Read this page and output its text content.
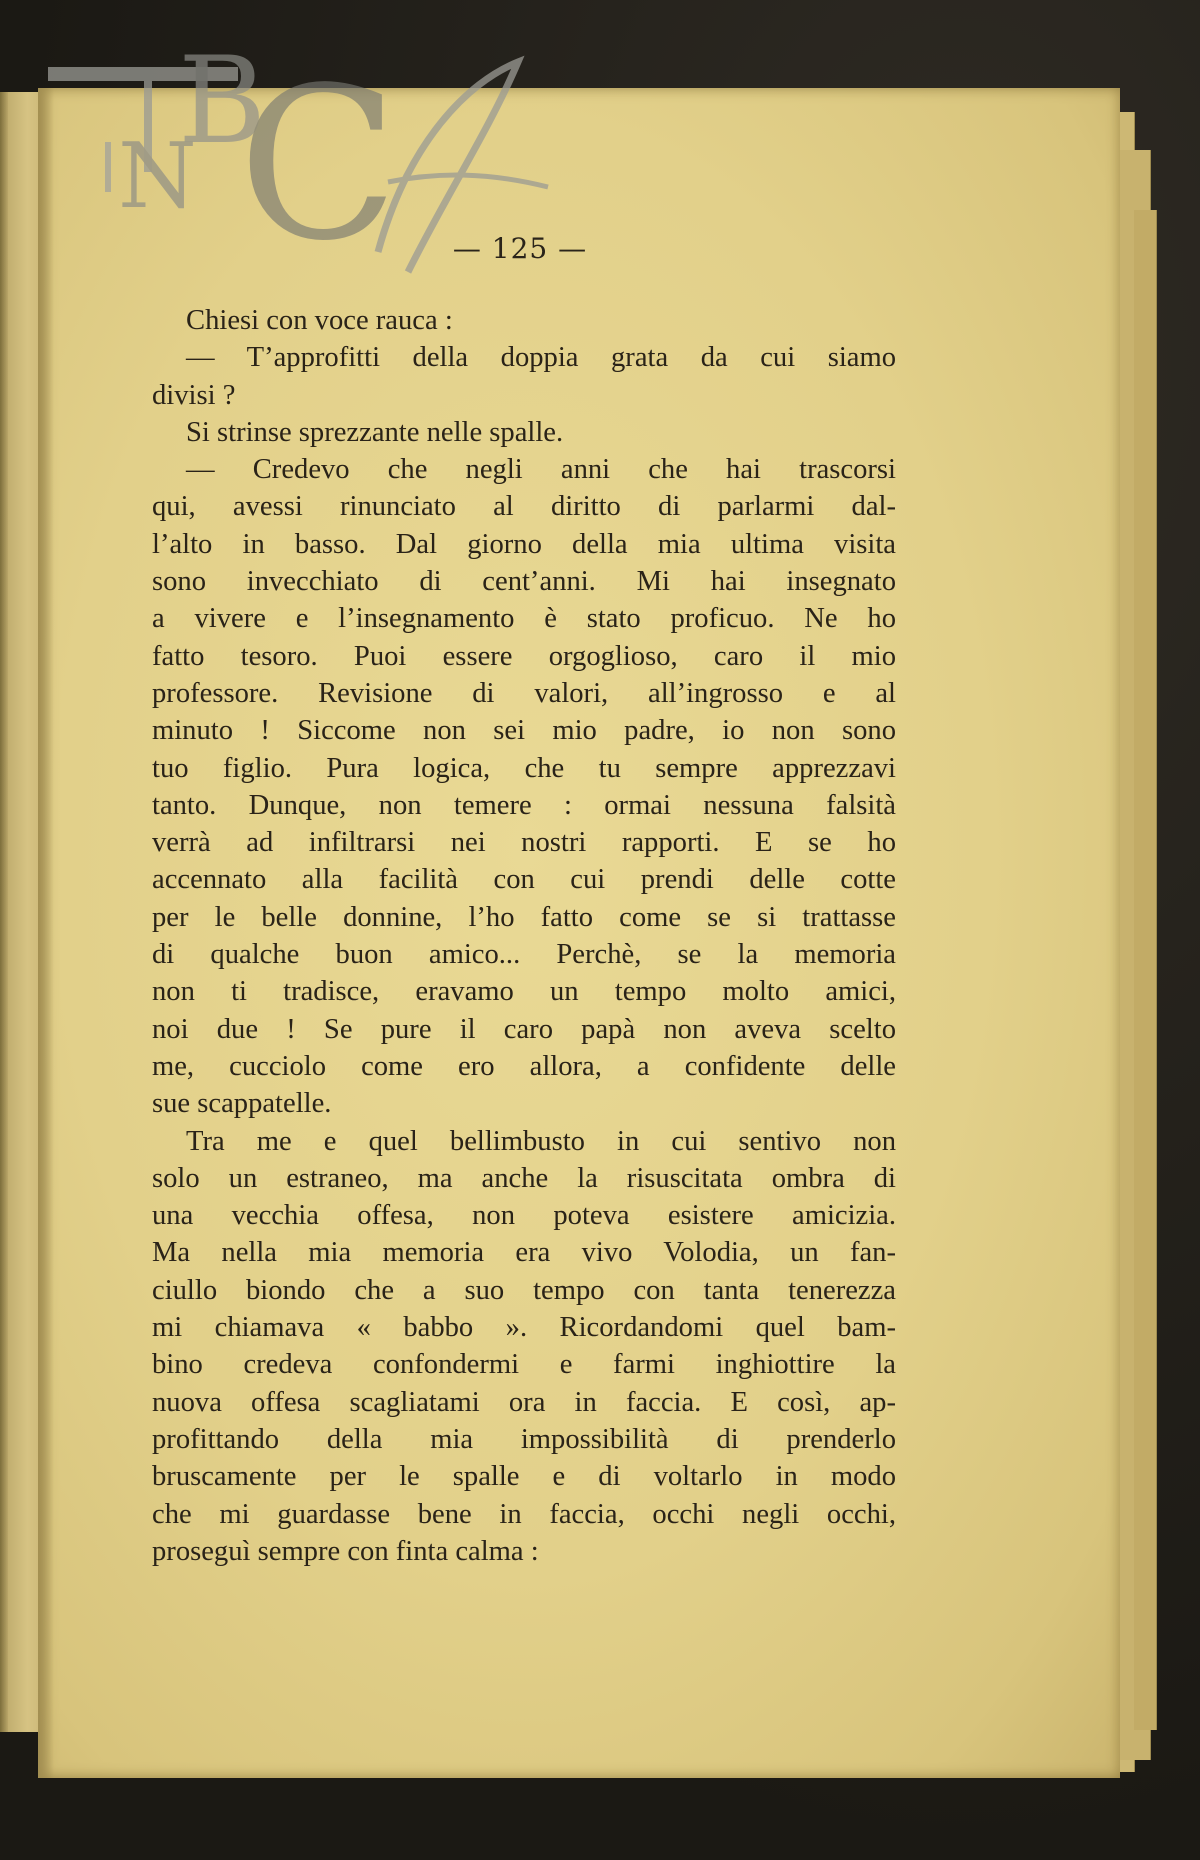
B
N C	— 125 —
Chiesi con voce rauca :
— T’approfitti della doppia grata da cui siamo
divisi ?
Si strinse sprezzante nelle spalle.
— Credevo che negli anni che hai trascorsi
qui, avessi rinunciato al diritto di parlarmi dal-
l’alto in basso. Dal giorno della mia ultima visita
sono invecchiato di cent’anni. Mi hai insegnato
a vivere e l’insegnamento è stato proficuo. Ne ho
fatto tesoro. Puoi essere orgoglioso, caro il mio
professore. Revisione di valori, all’ingrosso e al
minuto ! Siccome non sei mio padre, io non sono
tuo figlio. Pura logica, che tu sempre apprezzavi
tanto. Dunque, non temere : ormai nessuna falsità
verrà ad infiltrarsi nei nostri rapporti. E se ho
accennato alla facilità con cui prendi delle cotte
per le belle donnine, l’ho fatto come se si trattasse
di qualche buon amico... Perchè, se la memoria
non ti tradisce, eravamo un tempo molto amici,
noi due ! Se pure il caro papà non aveva scelto
me, cucciolo come ero allora, a confidente delle
sue scappatelle.
Tra me e quel bellimbusto in cui sentivo non
solo un estraneo, ma anche la risuscitata ombra di
una vecchia offesa, non poteva esistere amicizia.
Ma nella mia memoria era vivo Volodia, un fan-
ciullo biondo che a suo tempo con tanta tenerezza
mi chiamava « babbo ». Ricordandomi quel bam-
bino credeva confondermi e farmi inghiottire la
nuova offesa scagliatami ora in faccia. E così, ap-
profittando della mia impossibilità di prenderlo
bruscamente per le spalle e di voltarlo in modo
che mi guardasse bene in faccia, occhi negli occhi,
proseguì sempre con finta calma :
